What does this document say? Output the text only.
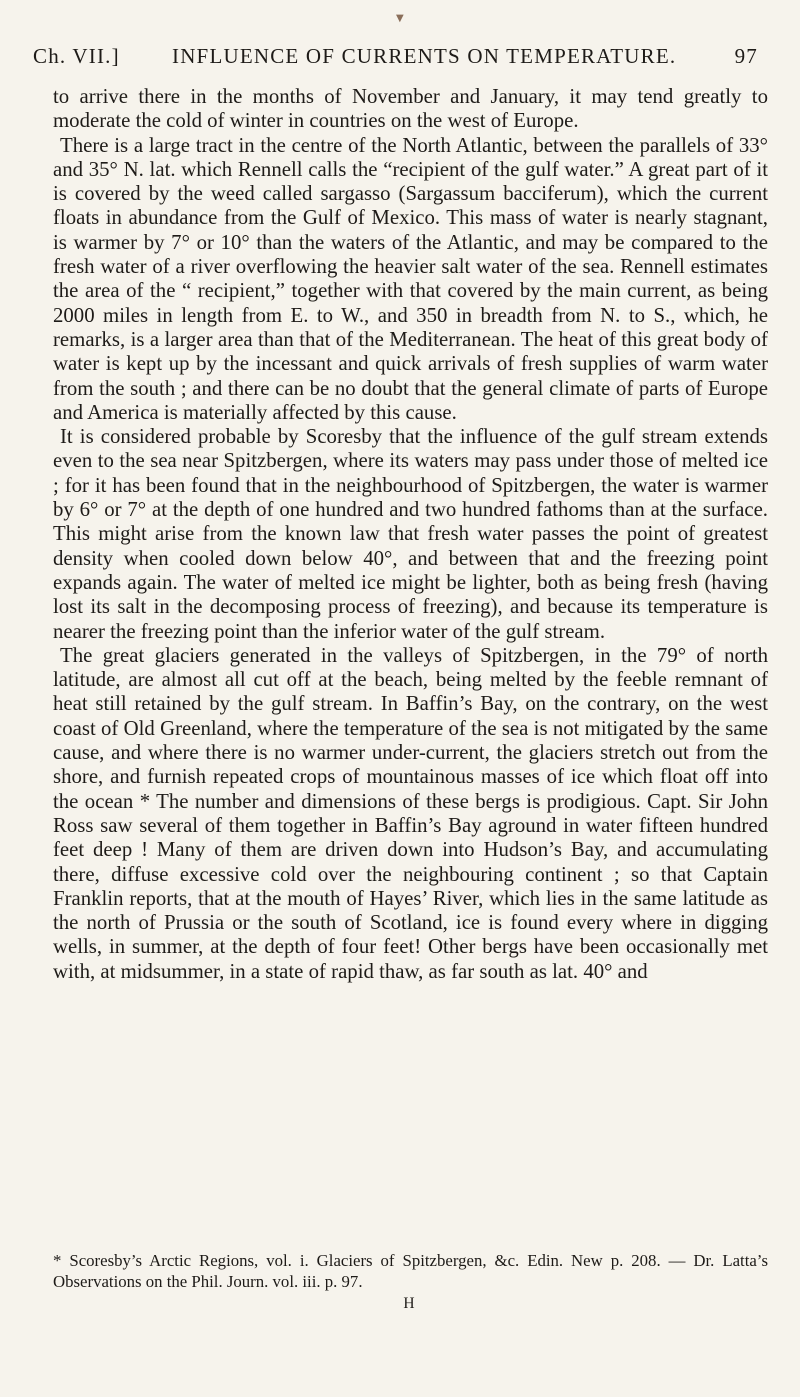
▼
Ch. VII.] INFLUENCE OF CURRENTS ON TEMPERATURE.	97

to arrive there in the months of November and January, it may tend greatly to moderate the cold of winter in countries on the west of Europe.

There is a large tract in the centre of the North Atlantic, between the parallels of 33° and 35° N. lat. which Rennell calls the “recipient of the gulf water.” A great part of it is covered by the weed called sargasso (Sargassum bacciferum), which the current floats in abundance from the Gulf of Mexico. This mass of water is nearly stagnant, is warmer by 7° or 10° than the waters of the Atlantic, and may be compared to the fresh water of a river overflowing the heavier salt water of the sea. Rennell estimates the area of the “ recipient,” together with that covered by the main current, as being 2000 miles in length from E. to W., and 350 in breadth from N. to S., which, he remarks, is a larger area than that of the Mediterranean. The heat of this great body of water is kept up by the incessant and quick arrivals of fresh supplies of warm water from the south ; and there can be no doubt that the general climate of parts of Europe and America is materially affected by this cause.

It is considered probable by Scoresby that the influence of the gulf stream extends even to the sea near Spitzbergen, where its waters may pass under those of melted ice ; for it has been found that in the neighbourhood of Spitzbergen, the water is warmer by 6° or 7° at the depth of one hundred and two hundred fathoms than at the surface. This might arise from the known law that fresh water passes the point of greatest density when cooled down below 40°, and between that and the freezing point expands again. The water of melted ice might be lighter, both as being fresh (having lost its salt in the decomposing process of freezing), and because its temperature is nearer the freezing point than the inferior water of the gulf stream.

The great glaciers generated in the valleys of Spitzbergen, in the 79° of north latitude, are almost all cut off at the beach, being melted by the feeble remnant of heat still retained by the gulf stream. In Baffin’s Bay, on the contrary, on the west coast of Old Greenland, where the temperature of the sea is not mitigated by the same cause, and where there is no warmer under-current, the glaciers stretch out from the shore, and furnish repeated crops of mountainous masses of ice which float off into the ocean * The number and dimensions of these bergs is prodigious. Capt. Sir John Ross saw several of them together in Baffin’s Bay aground in water fifteen hundred feet deep ! Many of them are driven down into Hudson’s Bay, and accumulating there, diffuse excessive cold over the neighbouring continent ; so that Captain Franklin reports, that at the mouth of Hayes’ River, which lies in the same latitude as the north of Prussia or the south of Scotland, ice is found every where in digging wells, in summer, at the depth of four feet! Other bergs have been occasionally met with, at midsummer, in a state of rapid thaw, as far south as lat. 40° and

* Scoresby’s Arctic Regions, vol. i. Glaciers of Spitzbergen, &c. Edin. New p. 208. — Dr. Latta’s Observations on the Phil. Journ. vol. iii. p. 97.
H
